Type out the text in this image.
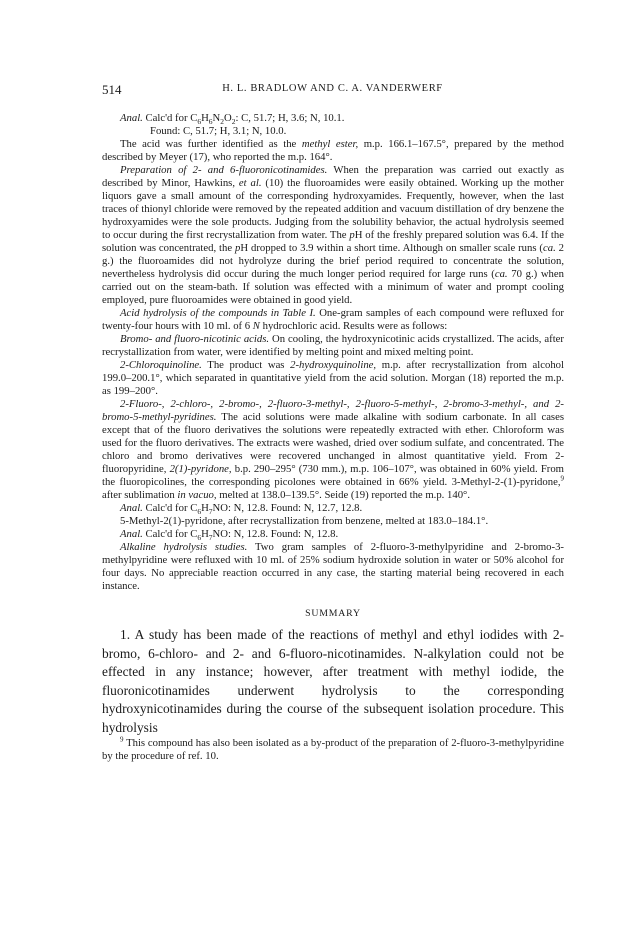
514	H. L. BRADLOW AND C. A. VANDERWERF

Anal. Calc'd for $C_6H_6N_2O_2$: C, 51.7; H, 3.6; N, 10.1.

Found: C, 51.7; H, 3.1; N, 10.0.

The acid was further identified as the methyl ester, m.p. 166.1–167.5°, prepared by the method described by Meyer (17), who reported the m.p. 164°.

Preparation of 2- and 6-fluoronicotinamides. When the preparation was carried out exactly as described by Minor, Hawkins, et al. (10) the fluoroamides were easily obtained. Working up the mother liquors gave a small amount of the corresponding hydroxyamides. Frequently, however, when the last traces of thionyl chloride were removed by the repeated addition and vacuum distillation of dry benzene the hydroxyamides were the sole products. Judging from the solubility behavior, the actual hydrolysis seemed to occur during the first recrystallization from water. The pH of the freshly prepared solution was 6.4. If the solution was concentrated, the pH dropped to 3.9 within a short time. Although on smaller scale runs (ca. 2 g.) the fluoroamides did not hydrolyze during the brief period required to concentrate the solution, nevertheless hydrolysis did occur during the much longer period required for large runs (ca. 70 g.) when carried out on the steam-bath. If solution was effected with a minimum of water and prompt cooling employed, pure fluoroamides were obtained in good yield.

Acid hydrolysis of the compounds in Table I. One-gram samples of each compound were refluxed for twenty-four hours with 10 ml. of 6 N hydrochloric acid. Results were as follows:

Bromo- and fluoro-nicotinic acids. On cooling, the hydroxynicotinic acids crystallized. The acids, after recrystallization from water, were identified by melting point and mixed melting point.

2-Chloroquinoline. The product was 2-hydroxyquinoline, m.p. after recrystallization from alcohol 199.0–200.1°, which separated in quantitative yield from the acid solution. Morgan (18) reported the m.p. as 199–200°.

2-Fluoro-, 2-chloro-, 2-bromo-, 2-fluoro-3-methyl-, 2-fluoro-5-methyl-, 2-bromo-3-methyl-, and 2-bromo-5-methyl-pyridines. The acid solutions were made alkaline with sodium carbonate. In all cases except that of the fluoro derivatives the solutions were repeatedly extracted with ether. Chloroform was used for the fluoro derivatives. The extracts were washed, dried over sodium sulfate, and concentrated. The chloro and bromo derivatives were recovered unchanged in almost quantitative yield. From 2-fluoropyridine, 2(1)-pyridone, b.p. 290–295° (730 mm.), m.p. 106–107°, was obtained in 60% yield. From the fluoropicolines, the corresponding picolones were obtained in 66% yield. 3-Methyl-2-(1)-pyridone,$^9$ after sublimation in vacuo, melted at 138.0–139.5°. Seide (19) reported the m.p. 140°.

Anal. Calc'd for $C_6H_7NO$: N, 12.8. Found: N, 12.7, 12.8.

5-Methyl-2(1)-pyridone, after recrystallization from benzene, melted at 183.0–184.1°.

Anal. Calc'd for $C_6H_7NO$: N, 12.8. Found: N, 12.8.

Alkaline hydrolysis studies. Two gram samples of 2-fluoro-3-methylpyridine and 2-bromo-3-methylpyridine were refluxed with 10 ml. of 25% sodium hydroxide solution in water or 50% alcohol for four days. No appreciable reaction occurred in any case, the starting material being recovered in each instance.

SUMMARY

1. A study has been made of the reactions of methyl and ethyl iodides with 2-bromo, 6-chloro- and 2- and 6-fluoro-nicotinamides. N-alkylation could not be effected in any instance; however, after treatment with methyl iodide, the fluoronicotinamides underwent hydrolysis to the corresponding hydroxynicotinamides during the course of the subsequent isolation procedure. This hydrolysis

$^9$ This compound has also been isolated as a by-product of the preparation of 2-fluoro-3-methylpyridine by the procedure of ref. 10.
